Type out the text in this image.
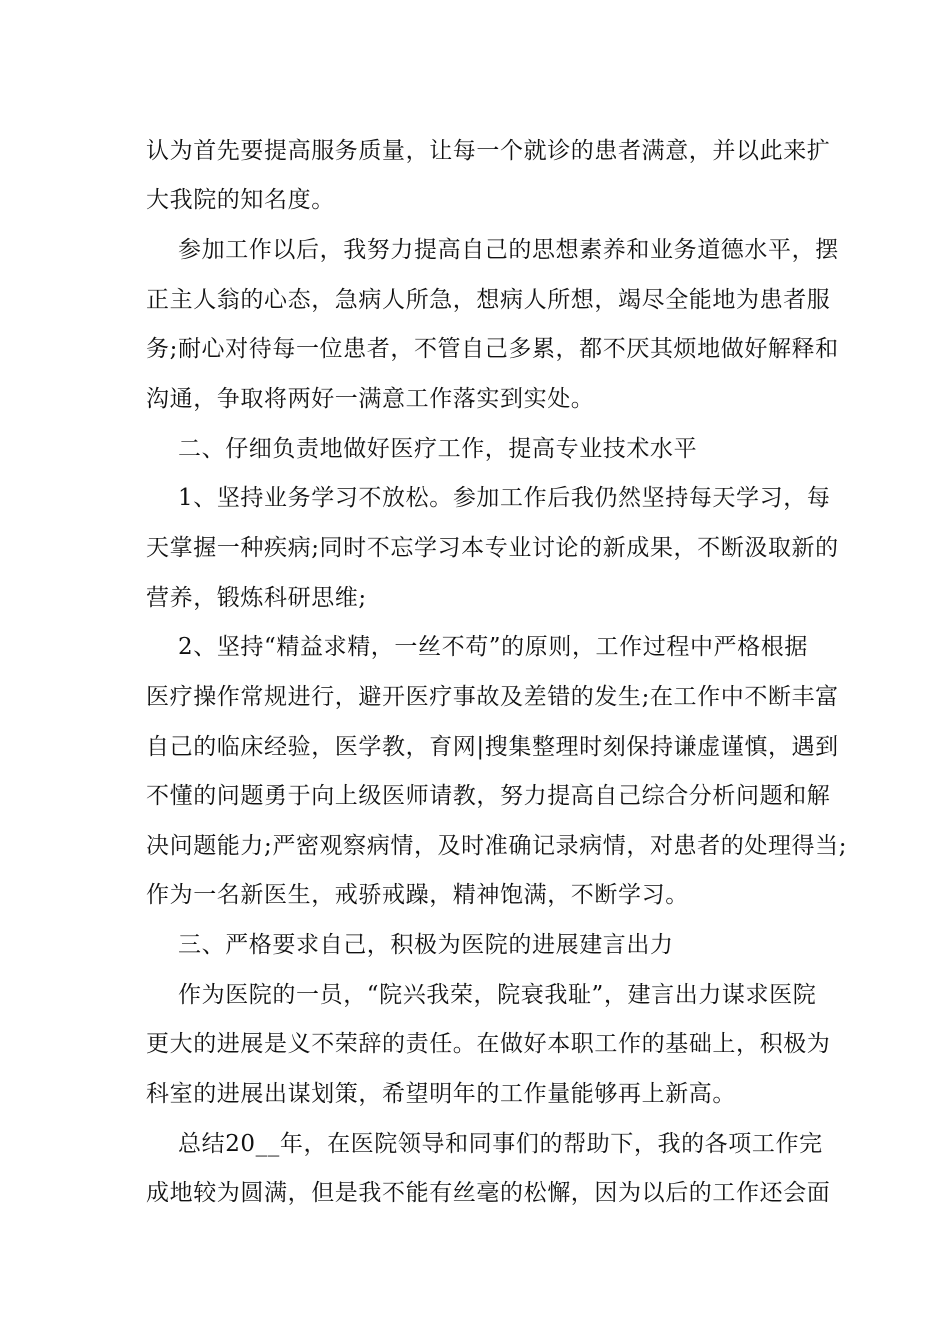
认为首先要提高服务质量，让每一个就诊的患者满意，并以此来扩
大我院的知名度。
参加工作以后，我努力提高自己的思想素养和业务道德水平，摆
正主人翁的心态，急病人所急，想病人所想，竭尽全能地为患者服
务;耐心对待每一位患者，不管自己多累，都不厌其烦地做好解释和
沟通，争取将两好一满意工作落实到实处。
二、仔细负责地做好医疗工作，提高专业技术水平
1、坚持业务学习不放松。参加工作后我仍然坚持每天学习，每
天掌握一种疾病;同时不忘学习本专业讨论的新成果，不断汲取新的
营养，锻炼科研思维;
2、坚持“精益求精，一丝不苟”的原则，工作过程中严格根据
医疗操作常规进行，避开医疗事故及差错的发生;在工作中不断丰富
自己的临床经验，医学教，育网|搜集整理时刻保持谦虚谨慎，遇到
不懂的问题勇于向上级医师请教，努力提高自己综合分析问题和解
决问题能力;严密观察病情，及时准确记录病情，对患者的处理得当;
作为一名新医生，戒骄戒躁，精神饱满，不断学习。
三、严格要求自己，积极为医院的进展建言出力
作为医院的一员，“院兴我荣，院衰我耻”，建言出力谋求医院
更大的进展是义不荣辞的责任。在做好本职工作的基础上，积极为
科室的进展出谋划策，希望明年的工作量能够再上新高。
总结20__年，在医院领导和同事们的帮助下，我的各项工作完
成地较为圆满，但是我不能有丝毫的松懈，因为以后的工作还会面
